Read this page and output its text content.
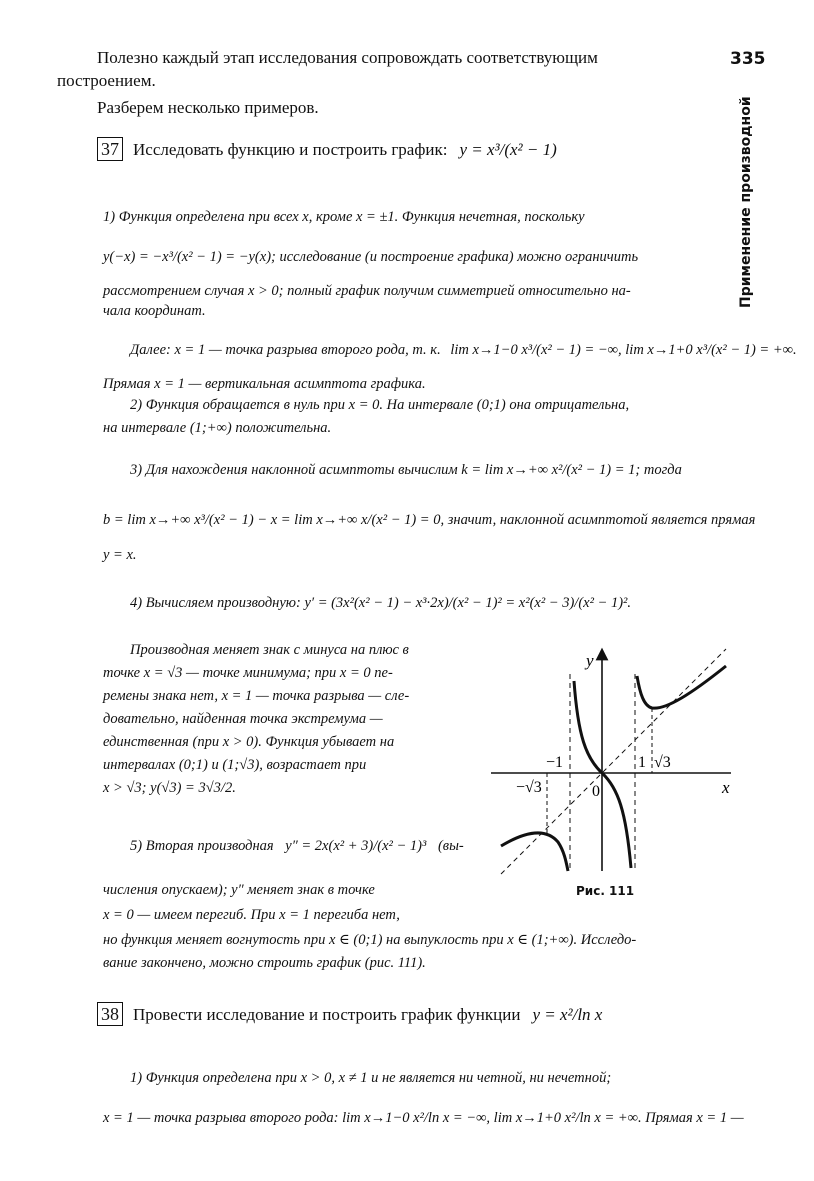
335
Применение производной
Полезно каждый этап исследования сопровождать соответствующим
построением.
Разберем несколько примеров.
37 Исследовать функцию и построить график: y = x³/(x² − 1)
1) Функция определена при всех x, кроме x = ±1. Функция нечетная, поскольку
y(−x) = −x³/(x² − 1) = −y(x); исследование (и построение графика) можно ограничить
рассмотрением случая x > 0; полный график получим симметрией относительно на-
чала координат.
Далее: x = 1 — точка разрыва второго рода, т. к. lim x→1−0 x³/(x² − 1) = −∞, lim x→1+0 x³/(x² − 1) = +∞.
Прямая x = 1 — вертикальная асимптота графика.
2) Функция обращается в нуль при x = 0. На интервале (0;1) она отрицательна,
на интервале (1;+∞) положительна.
3) Для нахождения наклонной асимптоты вычислим k = lim x→+∞ x²/(x² − 1) = 1; тогда
b = lim x→+∞ x³/(x² − 1) − x = lim x→+∞ x/(x² − 1) = 0, значит, наклонной асимптотой является прямая
y = x.
4) Вычисляем производную: y′ = (3x²(x² − 1) − x³·2x)/(x² − 1)² = x²(x² − 3)/(x² − 1)².
Производная меняет знак с минуса на плюс в
точке x = √3 — точке минимума; при x = 0 пе-
ремены знака нет, x = 1 — точка разрыва — сле-
довательно, найденная точка экстремума —
единственная (при x > 0). Функция убывает на
интервалах (0;1) и (1;√3), возрастает при
x > √3; y(√3) = 3√3/2.
5) Вторая производная y″ = 2x(x² + 3)/(x² − 1)³ (вы-
числения опускаем); y″ меняет знак в точке
x = 0 — имеем перегиб. При x = 1 перегиба нет,
но функция меняет вогнутость при x ∈ (0;1) на выпуклость при x ∈ (1;+∞). Исследо-
вание закончено, можно строить график (рис. 111).
y
x
0
−1	1 √3
−√3
Рис. 111
38 Провести исследование и построить график функции y = x²/ln x
1) Функция определена при x > 0, x ≠ 1 и не является ни четной, ни нечетной;
x = 1 — точка разрыва второго рода: lim x→1−0 x²/ln x = −∞, lim x→1+0 x²/ln x = +∞. Прямая x = 1 —
